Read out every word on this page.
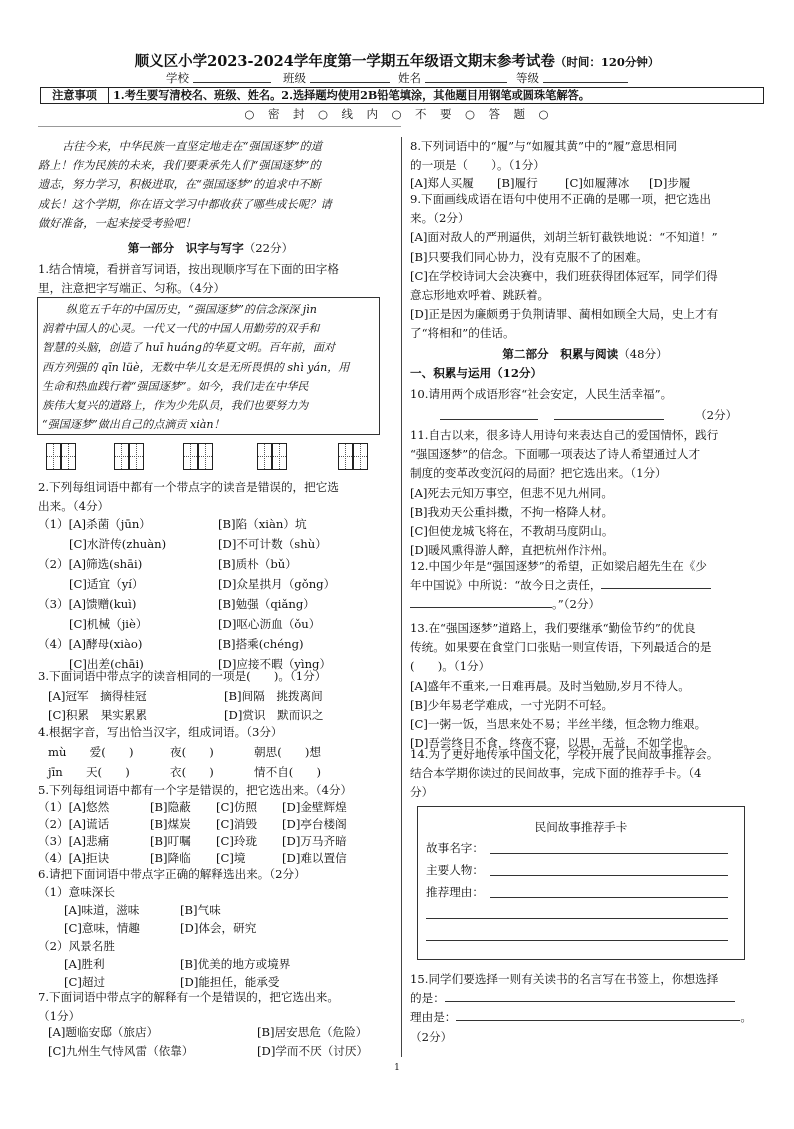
顺义区小学2023-2024学年度第一学期五年级语文期末参考试卷（时间：120分钟）
学校	班级	姓名	等级
注意事项	1.考生要写清校名、班级、姓名。2.选择题均使用2B铅笔填涂，其他题目用钢笔或圆珠笔解答。
○　密　封　○　线　内　○　不　要　○　答　题　○

古往今来，中华民族一直坚定地走在“强国逐梦”的道

路上！作为民族的未来，我们要秉承先人们“强国逐梦”的

遗志，努力学习，积极进取，在“强国逐梦”的追求中不断

成长！这个学期，你在语文学习中都收获了哪些成长呢？请

做好准备，一起来接受考验吧！

第一部分　识字与写字（22分）

1.结合情境，看拼音写词语，按出现顺序写在下面的田字格

里，注意把字写端正、匀称。（4分）

纵览五千年的中国历史，“强国逐梦”的信念深深 jìn

润着中国人的心灵。一代又一代的中国人用勤劳的双手和

智慧的头脑，创造了 huī huáng的华夏文明。百年前，面对

西方列强的 qīn lüè，无数中华儿女是无所畏惧的 shì yán，用

生命和热血践行着“强国逐梦”。如今，我们走在中华民

族伟大复兴的道路上，作为少先队员，我们也要努力为

“强国逐梦”做出自己的点滴贡 xiàn！

2.下列每组词语中都有一个带点字的读音是错误的，把它选

出来。（4分）

（1）[A]杀菌（jūn）	[B]陷（xiàn）坑
[C]水浒传(zhuàn)	[D]不可计数（shù）
（2）[A]筛选(shāi)	[B]质朴（bǔ）
[C]适宜（yí）	[D]众星拱月（gǒng）
（3）[A]馈赠(kuì)	[B]勉强（qiǎng）
[C]机械（jiè）	[D]呕心沥血（ǒu）
（4）[A]酵母(xiào)	[B]搭乘(chéng)
[C]出差(chāi)	[D]应接不暇（yìng）

3.下面词语中带点字的读音相同的一项是(　　)。（1分）

[A]冠军　摘得桂冠	[B]间隔　挑拨离间
[C]积累　果实累累	[D]赏识　默而识之

4.根据字音，写出恰当汉字，组成词语。（3分）

mù　　爱(　　)	夜(　　)	朝思(　　)想
jīn　　天(　　)	衣(　　)	情不自(　　)

5.下列每组词语中都有一个字是错误的，把它选出来。（4分）

（1）[A]悠然	[B]隐蔽 [C]仿照 [D]金壁辉煌
（2）[A]谎话	[B]煤炭 [C]消毁 [D]亭台楼阁
（3）[A]悲痛	[B]叮嘱 [C]玲珑 [D]万马齐暗
（4）[A]拒诀	[B]降临 [C]境	[D]难以置信

6.请把下面词语中带点字正确的解释选出来。（2分）

（1）意味深长
[A]味道，滋味	[B]气味
[C]意味，情趣	[D]体会，研究
（2）风景名胜
[A]胜利	[B]优美的地方或境界
[C]超过	[D]能担任，能承受

7.下面词语中带点字的解释有一个是错误的，把它选出来。

（1分）

[A]题临安邸（旅店）	[B]居安思危（危险）
[C]九州生气恃风雷（依靠）	[D]学而不厌（讨厌）

8.下列词语中的“履”与“如履其黄”中的“履”意思相同

的一项是（　　）。（1分）

[A]郑人买履 [B]履行 [C]如履薄冰 [D]步履

9.下面画线成语在语句中使用不正确的是哪一项，把它选出

来。（2分）

[A]面对敌人的严刑逼供，刘胡兰斩钉截铁地说：“不知道！”

[B]只要我们同心协力，没有克服不了的困难。

[C]在学校诗词大会决赛中，我们班获得团体冠军，同学们得

意忘形地欢呼着、跳跃着。

[D]正是因为廉颇勇于负荆请罪、蔺相如顾全大局，史上才有

了“将相和”的佳话。

第二部分　积累与阅读（48分）
一、积累与运用（12分）

10.请用两个成语形容“社会安定，人民生活幸福”。

（2分）

11.自古以来，很多诗人用诗句来表达自己的爱国情怀，践行

“强国逐梦”的信念。下面哪一项表达了诗人希望通过人才

制度的变革改变沉闷的局面？把它选出来。（1分）

[A]死去元知万事空，但悲不见九州同。

[B]我劝天公重抖擞，不拘一格降人材。

[C]但使龙城飞将在，不教胡马度阴山。

[D]暖风熏得游人醉，直把杭州作汴州。

12.中国少年是“强国逐梦”的希望，正如梁启超先生在《少

年中国说》中所说：“故今日之责任，

。”（2分）

13.在“强国逐梦”道路上，我们要继承“勤俭节约”的优良

传统。如果要在食堂门口张贴一则宣传语，下列最适合的是

(　　)。（1分）

[A]盛年不重来,一日难再晨。及时当勉励,岁月不待人。

[B]少年易老学难成，一寸光阴不可轻。

[C]一粥一饭，当思来处不易；半丝半缕，恒念物力维艰。

[D]吾尝终日不食，终夜不寝，以思，无益，不如学也。

14.为了更好地传承中国文化，学校开展了民间故事推荐会。

结合本学期你读过的民间故事，完成下面的推荐手卡。（4

分）

民间故事推荐手卡
故事名字：
主要人物：
推荐理由：

15.同学们要选择一则有关读书的名言写在书签上，你想选择

的是：

理由是：	。

（2分）

1
